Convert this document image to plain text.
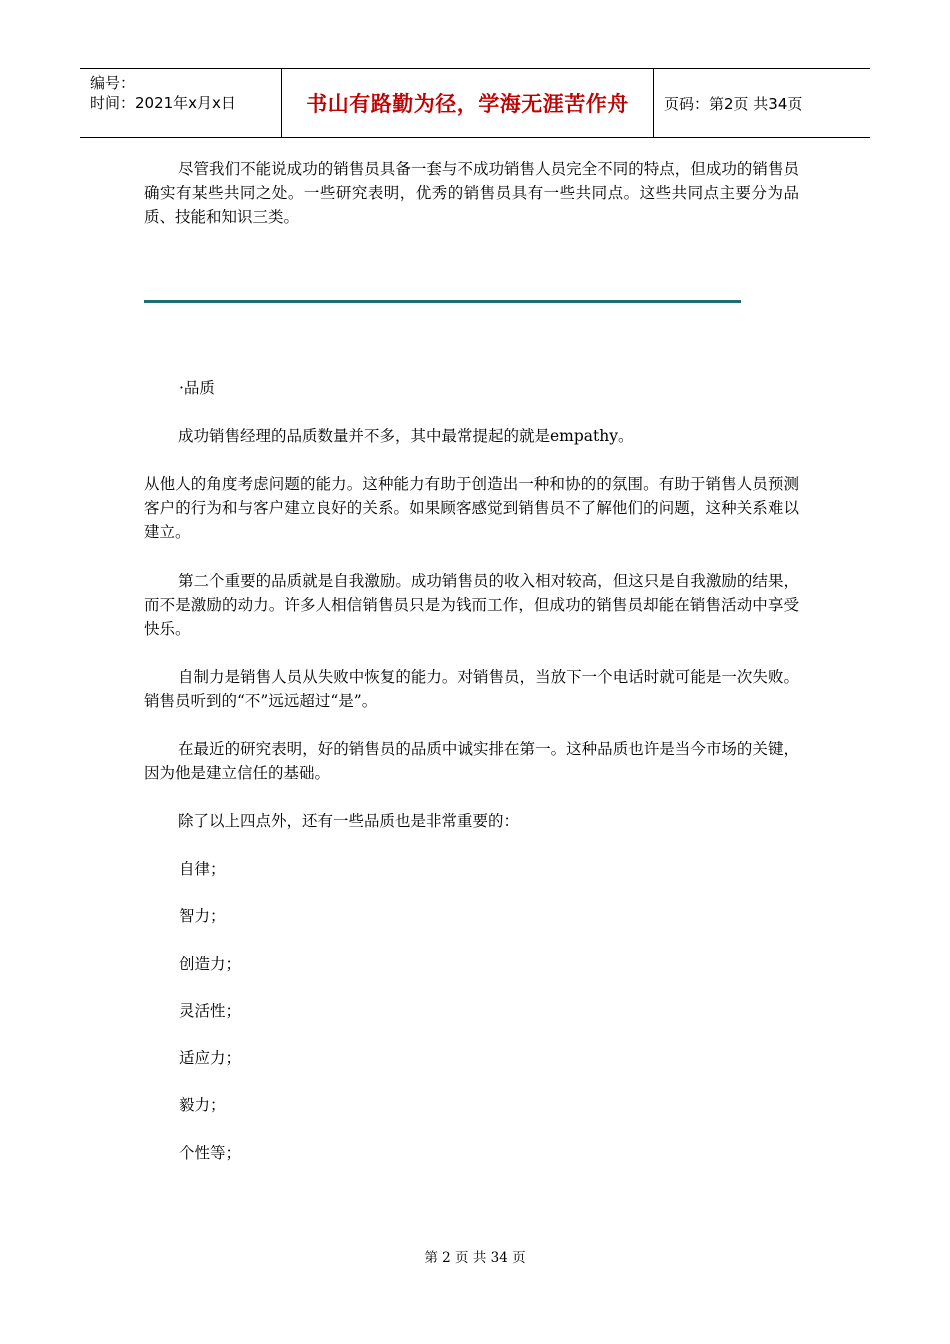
编号：
时间：2021年x月x日	书山有路勤为径，学海无涯苦作舟 页码：第2页 共34页
尽管我们不能说成功的销售员具备一套与不成功销售人员完全不同的特点，但成功的销售员确实有某些共同之处。一些研究表明，优秀的销售员具有一些共同点。这些共同点主要分为品质、技能和知识三类。
·品质
成功销售经理的品质数量并不多，其中最常提起的就是empathy。
从他人的角度考虑问题的能力。这种能力有助于创造出一种和协的的氛围。有助于销售人员预测客户的行为和与客户建立良好的关系。如果顾客感觉到销售员不了解他们的问题，这种关系难以建立。
第二个重要的品质就是自我激励。成功销售员的收入相对较高，但这只是自我激励的结果，而不是激励的动力。许多人相信销售员只是为钱而工作，但成功的销售员却能在销售活动中享受快乐。
自制力是销售人员从失败中恢复的能力。对销售员，当放下一个电话时就可能是一次失败。销售员听到的“不”远远超过“是”。
在最近的研究表明，好的销售员的品质中诚实排在第一。这种品质也许是当今市场的关键，因为他是建立信任的基础。
除了以上四点外，还有一些品质也是非常重要的：
自律；
智力；
创造力；
灵活性；
适应力；
毅力；
个性等；
第 2 页 共 34 页
